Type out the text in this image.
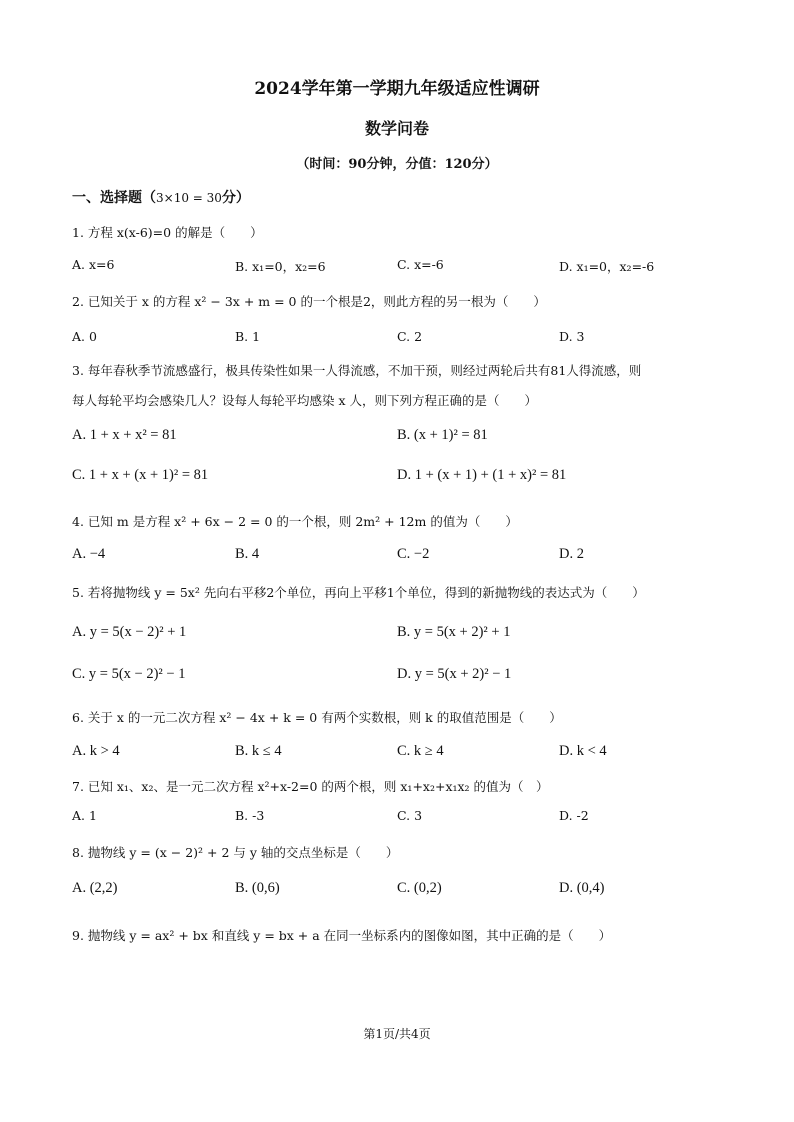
2024学年第一学期九年级适应性调研
数学问卷
（时间：90分钟，分值：120分）
一、选择题（3×10 = 30分）
1. 方程 x(x-6)=0 的解是（　　）
A. x=6	B. x₁=0，x₂=6	C. x=-6	D. x₁=0，x₂=-6
2. 已知关于 x 的方程 x² − 3x + m = 0 的一个根是2，则此方程的另一根为（　　）
A. 0	B. 1	C. 2	D. 3
3. 每年春秋季节流感盛行，极具传染性如果一人得流感，不加干预，则经过两轮后共有81人得流感，则
每人每轮平均会感染几人？设每人每轮平均感染 x 人，则下列方程正确的是（　　）
A. 1 + x + x² = 81	B. (x + 1)² = 81
C. 1 + x + (x + 1)² = 81	D. 1 + (x + 1) + (1 + x)² = 81
4. 已知 m 是方程 x² + 6x − 2 = 0 的一个根，则 2m² + 12m 的值为（　　）
A. −4	B. 4	C. −2	D. 2
5. 若将抛物线 y = 5x² 先向右平移2个单位，再向上平移1个单位，得到的新抛物线的表达式为（　　）
A. y = 5(x − 2)² + 1	B. y = 5(x + 2)² + 1
C. y = 5(x − 2)² − 1	D. y = 5(x + 2)² − 1
6. 关于 x 的一元二次方程 x² − 4x + k = 0 有两个实数根，则 k 的取值范围是（　　）
A. k > 4	B. k ≤ 4	C. k ≥ 4	D. k < 4
7. 已知 x₁、x₂、是一元二次方程 x²+x-2=0 的两个根，则 x₁+x₂+x₁x₂ 的值为（　）
A. 1	B. -3	C. 3	D. -2
8. 抛物线 y = (x − 2)² + 2 与 y 轴的交点坐标是（　　）
A. (2,2)	B. (0,6)	C. (0,2)	D. (0,4)
9. 抛物线 y = ax² + bx 和直线 y = bx + a 在同一坐标系内的图像如图，其中正确的是（　　）
第1页/共4页
